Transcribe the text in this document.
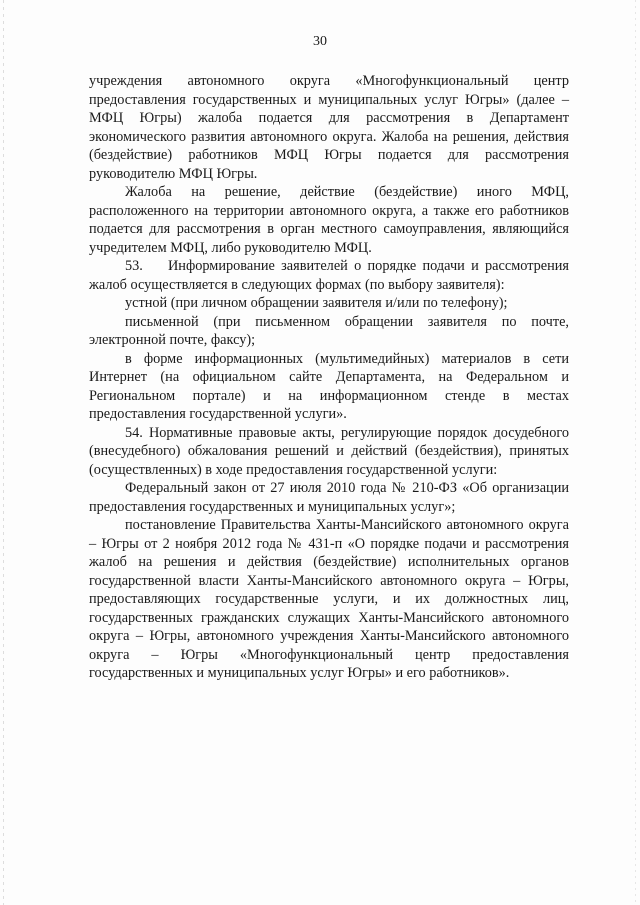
30

учреждения автономного округа «Многофункциональный центр предоставления государственных и муниципальных услуг Югры» (далее – МФЦ Югры) жалоба подается для рассмотрения в Департамент экономического развития автономного округа. Жалоба на решения, действия (бездействие) работников МФЦ Югры подается для рассмотрения руководителю МФЦ Югры.

Жалоба на решение, действие (бездействие) иного МФЦ, расположенного на территории автономного округа, а также его работников подается для рассмотрения в орган местного самоуправления, являющийся учредителем МФЦ, либо руководителю МФЦ.

53.    Информирование заявителей о порядке подачи и рассмотрения жалоб осуществляется в следующих формах (по выбору заявителя):

устной (при личном обращении заявителя и/или по телефону);

письменной (при письменном обращении заявителя по почте, электронной почте, факсу);

в форме информационных (мультимедийных) материалов в сети Интернет (на официальном сайте Департамента, на Федеральном и Региональном портале) и на информационном стенде в местах предоставления государственной услуги».

54. Нормативные правовые акты, регулирующие порядок досудебного (внесудебного) обжалования решений и действий (бездействия), принятых (осуществленных) в ходе предоставления государственной услуги:

Федеральный закон от 27 июля 2010 года № 210-ФЗ «Об организации предоставления государственных и муниципальных услуг»;

постановление Правительства Ханты-Мансийского автономного округа – Югры от 2 ноября 2012 года № 431-п «О порядке подачи и рассмотрения жалоб на решения и действия (бездействие) исполнительных органов государственной власти Ханты-Мансийского автономного округа – Югры, предоставляющих государственные услуги, и их должностных лиц, государственных гражданских служащих Ханты-Мансийского автономного округа – Югры, автономного учреждения Ханты-Мансийского автономного округа – Югры «Многофункциональный центр предоставления государственных и муниципальных услуг Югры» и его работников».
